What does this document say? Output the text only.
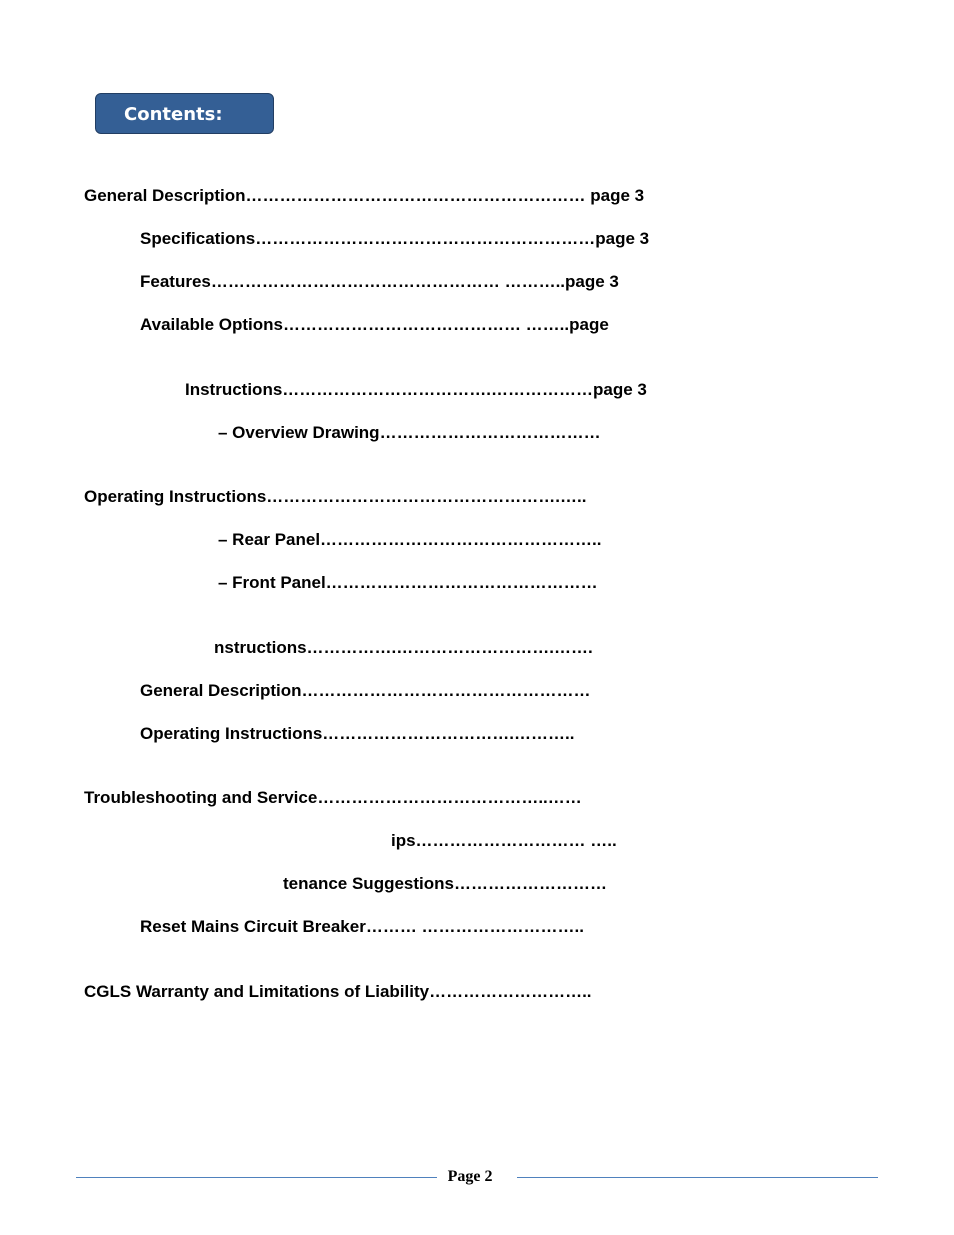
Contents:
General Description…………………………………………………… page 3
Specifications……………………………………………………page 3
Features…………………………………………… ………..page 3
Available Options…………………………………… ……..page
Instructions……………………………….………………page 3
– Overview Drawing…………………………………
Operating Instructions…………………………………………….…..
– Rear Panel…………………………………………..
– Front Panel…………………………………………
nstructions…………….……………………….…….
General Description……………………………………………
Operating Instructions…………………………….………..
Troubleshooting and Service…………………………………..……
ips………………………… …..
tenance Suggestions………………………
Reset Mains Circuit Breaker……… ………………………..
CGLS Warranty and Limitations of Liability………………………..
Page 2
